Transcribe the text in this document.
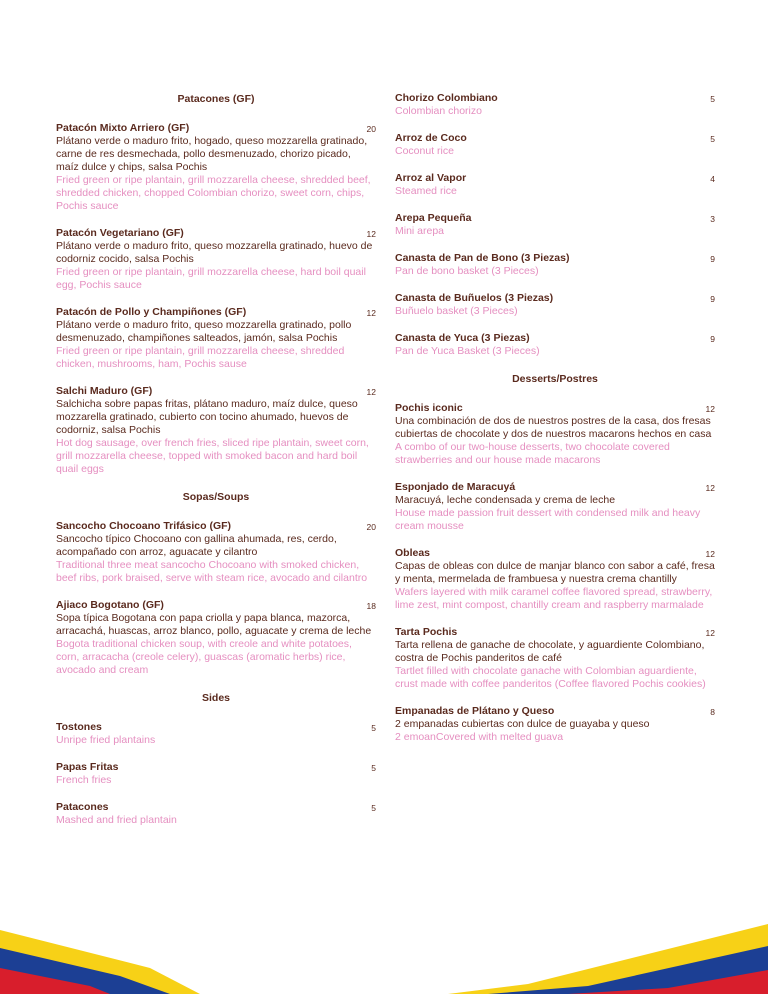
Patacones (GF)
Patacón Mixto Arriero (GF)	20
Plátano verde o maduro frito, hogado, queso mozzarella gratinado, carne de res desmechada, pollo desmenuzado, chorizo picado, maíz dulce y chips, salsa Pochis
Fried green or ripe plantain, grill mozzarella cheese, shredded beef, shredded chicken, chopped Colombian chorizo, sweet corn, chips, Pochis sauce
Patacón Vegetariano (GF)	12
Plátano verde o maduro frito, queso mozzarella gratinado, huevo de codorniz cocido, salsa Pochis
Fried green or ripe plantain, grill mozzarella cheese, hard boil quail egg, Pochis sauce
Patacón de Pollo y Champiñones (GF)	12
Plátano verde o maduro frito, queso mozzarella gratinado, pollo desmenuzado, champiñones salteados, jamón, salsa Pochis
Fried green or ripe plantain, grill mozzarella cheese, shredded chicken, mushrooms, ham, Pochis sause
Salchi Maduro (GF)	12
Salchicha sobre papas fritas, plátano maduro, maíz dulce, queso mozzarella gratinado, cubierto con tocino ahumado, huevos de codorniz, salsa Pochis
Hot dog sausage, over french fries, sliced ripe plantain, sweet corn, grill mozzarella cheese, topped with smoked bacon and hard boil quail eggs
Sopas/Soups
Sancocho Chocoano Trifásico (GF)	20
Sancocho típico Chocoano con gallina ahumada, res, cerdo, acompañado con arroz, aguacate y cilantro
Traditional three meat sancocho Chocoano with smoked chicken, beef ribs, pork braised, serve with steam rice, avocado and cilantro
Ajiaco Bogotano (GF)	18
Sopa típica Bogotana con papa criolla y papa blanca, mazorca, arracachá, huascas, arroz blanco, pollo, aguacate y crema de leche
Bogota traditional chicken soup, with creole and white potatoes, corn, arracacha (creole celery), guascas (aromatic herbs) rice, avocado and cream
Sides
Tostones	5
Unripe fried plantains
Papas Fritas	5
French fries
Patacones	5
Mashed and fried plantain
Chorizo Colombiano	5
Colombian chorizo
Arroz de Coco	5
Coconut rice
Arroz al Vapor	4
Steamed rice
Arepa Pequeña	3
Mini arepa
Canasta de Pan de Bono (3 Piezas)	9
Pan de bono basket (3 Pieces)
Canasta de Buñuelos (3 Piezas)	9
Buñuelo basket (3 Pieces)
Canasta de Yuca (3 Piezas)	9
Pan de Yuca Basket (3 Pieces)
Desserts/Postres
Pochis iconic	12
Una combinación de dos de nuestros postres de la casa, dos fresas cubiertas de chocolate y dos de nuestros macarons hechos en casa
A combo of our two-house desserts, two chocolate covered strawberries and our house made macarons
Esponjado de Maracuyá	12
Maracuyá, leche condensada y crema de leche
House made passion fruit dessert with condensed milk and heavy cream mousse
Obleas	12
Capas de obleas con dulce de manjar blanco con sabor a café, fresa y menta, mermelada de frambuesa y nuestra crema chantilly
Wafers layered with milk caramel coffee flavored spread, strawberry, lime zest, mint compost, chantilly cream and raspberry marmalade
Tarta Pochis	12
Tarta rellena de ganache de chocolate, y aguardiente Colombiano, costra de Pochis panderitos de café
Tartlet filled with chocolate ganache with Colombian aguardiente, crust made with coffee panderitos (Coffee flavored Pochis cookies)
Empanadas de Plátano y Queso	8
2 empanadas cubiertas con dulce de guayaba y queso
2 emoanCovered with melted guava
